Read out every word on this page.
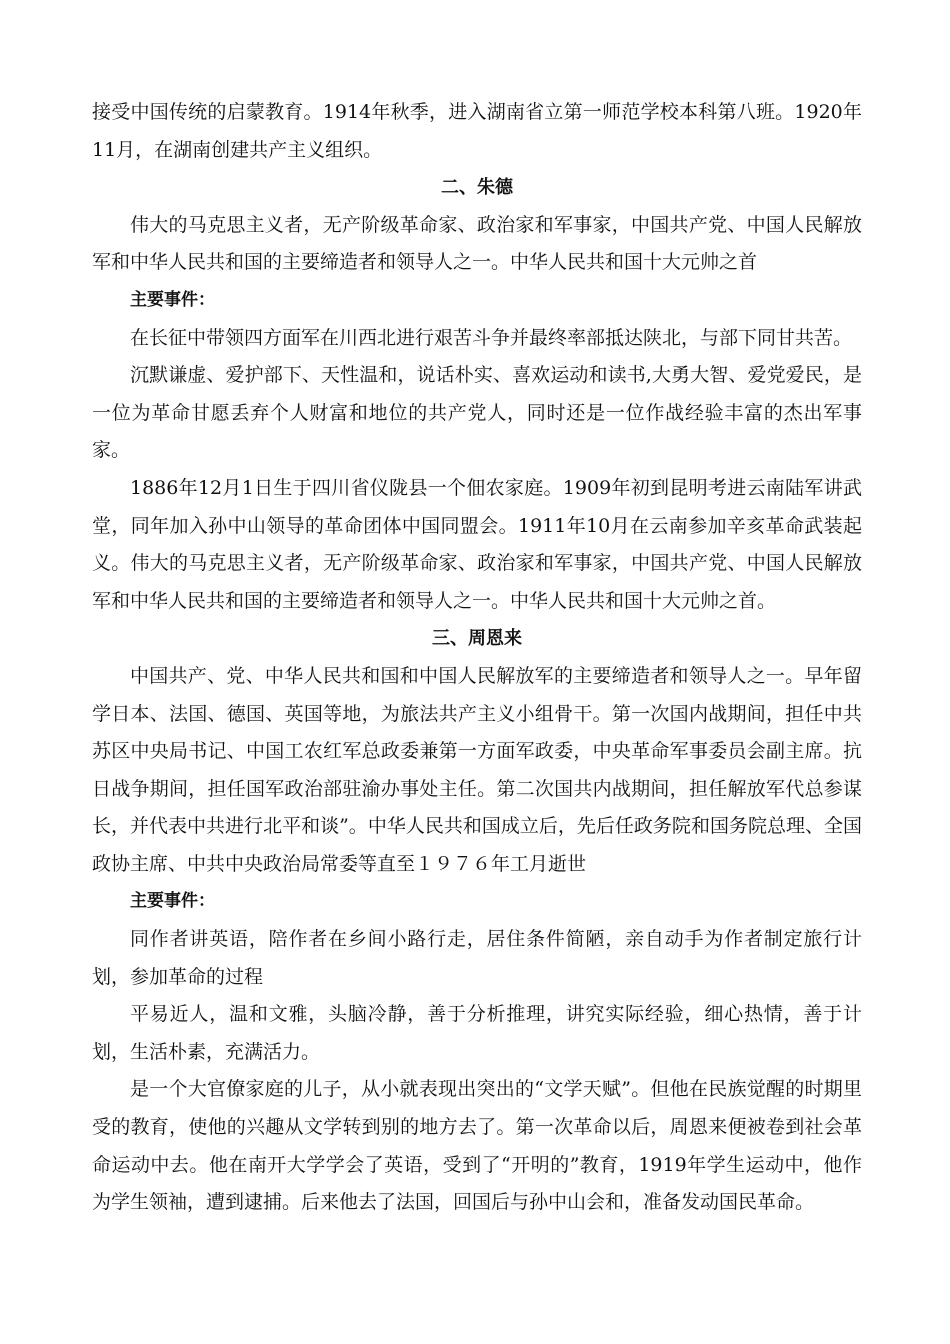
接受中国传统的启蒙教育。1914年秋季，进入湖南省立第一师范学校本科第八班。1920年11月，在湖南创建共产主义组织。

二、朱德

伟大的马克思主义者，无产阶级革命家、政治家和军事家，中国共产党、中国人民解放军和中华人民共和国的主要缔造者和领导人之一。中华人民共和国十大元帅之首

主要事件：

在长征中带领四方面军在川西北进行艰苦斗争并最终率部抵达陕北，与部下同甘共苦。

沉默谦虚、爱护部下、天性温和，说话朴实、喜欢运动和读书,大勇大智、爱党爱民，是一位为革命甘愿丢弃个人财富和地位的共产党人，同时还是一位作战经验丰富的杰出军事家。

1886年12月1日生于四川省仪陇县一个佃农家庭。1909年初到昆明考进云南陆军讲武堂，同年加入孙中山领导的革命团体中国同盟会。1911年10月在云南参加辛亥革命武装起义。伟大的马克思主义者，无产阶级革命家、政治家和军事家，中国共产党、中国人民解放军和中华人民共和国的主要缔造者和领导人之一。中华人民共和国十大元帅之首。

三、周恩来

中国共产、党、中华人民共和国和中国人民解放军的主要缔造者和领导人之一。早年留学日本、法国、德国、英国等地，为旅法共产主义小组骨干。第一次国内战期间，担任中共苏区中央局书记、中国工农红军总政委兼第一方面军政委，中央革命军事委员会副主席。抗日战争期间，担任国军政治部驻渝办事处主任。第二次国共内战期间，担任解放军代总参谋长，并代表中共进行北平和谈”。中华人民共和国成立后，先后任政务院和国务院总理、全国政协主席、中共中央政治局常委等直至１９７６年工月逝世

主要事件：

同作者讲英语，陪作者在乡间小路行走，居住条件简陋，亲自动手为作者制定旅行计划，参加革命的过程

平易近人，温和文雅，头脑冷静，善于分析推理，讲究实际经验，细心热情，善于计划，生活朴素，充满活力。

是一个大官僚家庭的儿子，从小就表现出突出的“文学天赋”。但他在民族觉醒的时期里受的教育，使他的兴趣从文学转到别的地方去了。第一次革命以后，周恩来便被卷到社会革命运动中去。他在南开大学学会了英语，受到了“开明的”教育，1919年学生运动中，他作为学生领袖，遭到逮捕。后来他去了法国，回国后与孙中山会和，准备发动国民革命。
